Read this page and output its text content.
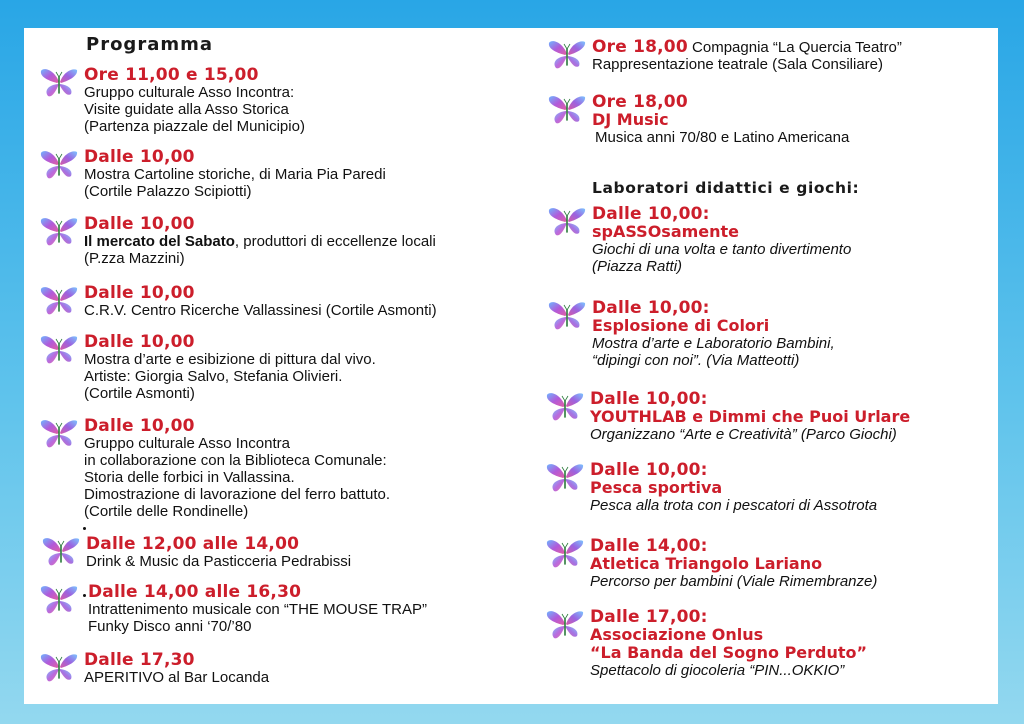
Programma
Ore 11,00 e 15,00
Gruppo culturale Asso Incontra:
Visite guidate alla Asso Storica
(Partenza piazzale del Municipio)
Dalle 10,00
Mostra Cartoline storiche, di Maria Pia Paredi
(Cortile Palazzo Scipiotti)
Dalle 10,00
Il mercato del Sabato, produttori di eccellenze locali
(P.zza Mazzini)
Dalle 10,00
C.R.V. Centro Ricerche Vallassinesi (Cortile Asmonti)
Dalle 10,00
Mostra d’arte e esibizione di pittura dal vivo.
Artiste: Giorgia Salvo, Stefania Olivieri.
(Cortile Asmonti)
Dalle 10,00
Gruppo culturale Asso Incontra
in collaborazione con la Biblioteca Comunale:
Storia delle forbici in Vallassina.
Dimostrazione di lavorazione del ferro battuto.
(Cortile delle Rondinelle)
Dalle 12,00 alle 14,00
Drink & Music da Pasticceria Pedrabissi
Dalle 14,00 alle 16,30
Intrattenimento musicale con “THE MOUSE TRAP”
Funky Disco anni ‘70/’80
Dalle 17,30
APERITIVO al Bar Locanda
Ore 18,00 Compagnia “La Quercia Teatro”
Rappresentazione teatrale (Sala Consiliare)
Ore 18,00
DJ Music
Musica anni 70/80 e Latino Americana
Laboratori didattici e giochi:
Dalle 10,00:
spASSOsamente
Giochi di una volta e tanto divertimento
(Piazza Ratti)
Dalle 10,00:
Esplosione di Colori
Mostra d’arte e Laboratorio Bambini,
“dipingi con noi”. (Via Matteotti)
Dalle 10,00:
YOUTHLAB e Dimmi che Puoi Urlare
Organizzano “Arte e Creatività” (Parco Giochi)
Dalle 10,00:
Pesca sportiva
Pesca alla trota con i pescatori di Assotrota
Dalle 14,00:
Atletica Triangolo Lariano
Percorso per bambini (Viale Rimembranze)
Dalle 17,00:
Associazione Onlus
“La Banda del Sogno Perduto”
Spettacolo di giocoleria “PIN...OKKIO”
